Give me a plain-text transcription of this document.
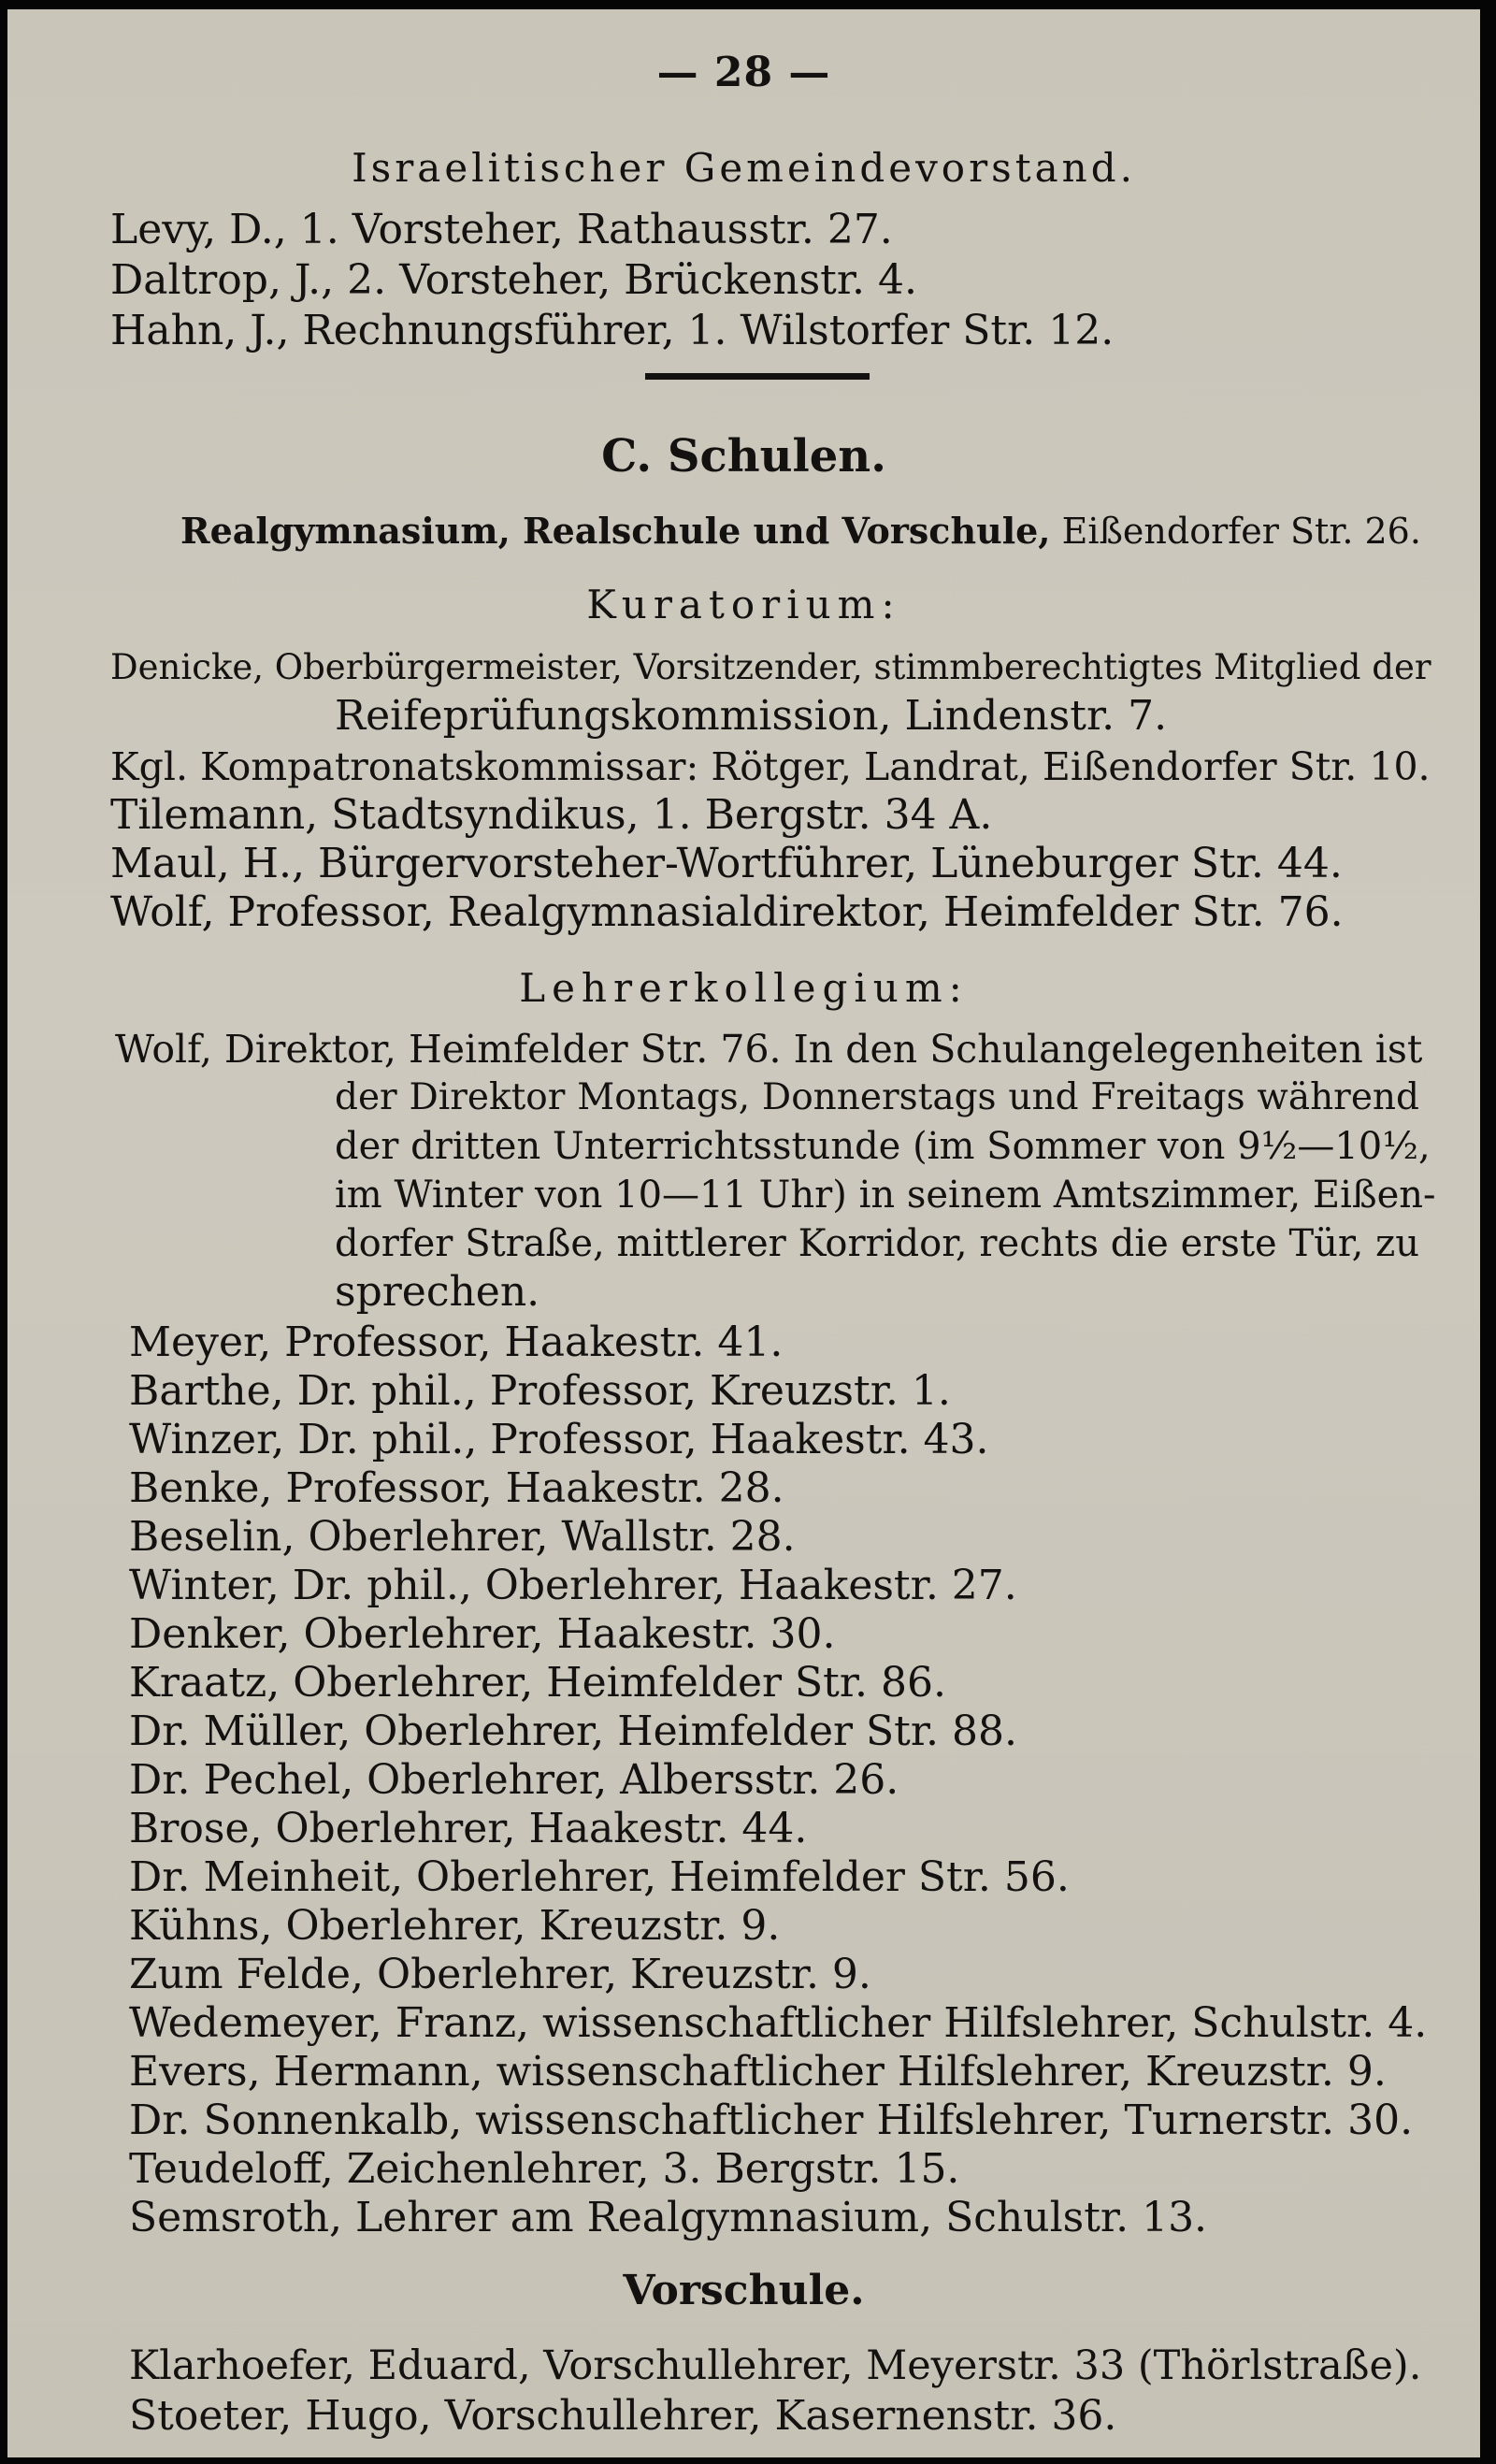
— 28 —
Israelitischer Gemeindevorstand.
Levy, D., 1. Vorsteher, Rathausstr. 27.
Daltrop, J., 2. Vorsteher, Brückenstr. 4.
Hahn, J., Rechnungsführer, 1. Wilstorfer Str. 12.
C. Schulen.
Realgymnasium, Realschule und Vorschule, Eißendorfer Str. 26.
Kuratorium:
Denicke, Oberbürgermeister, Vorsitzender, stimmberechtigtes Mitglied der
Reifeprüfungskommission, Lindenstr. 7.
Kgl. Kompatronatskommissar: Rötger, Landrat, Eißendorfer Str. 10.
Tilemann, Stadtsyndikus, 1. Bergstr. 34 A.
Maul, H., Bürgervorsteher-Wortführer, Lüneburger Str. 44.
Wolf, Professor, Realgymnasialdirektor, Heimfelder Str. 76.
Lehrerkollegium:
Wolf, Direktor, Heimfelder Str. 76. In den Schulangelegenheiten ist
der Direktor Montags, Donnerstags und Freitags während
der dritten Unterrichtsstunde (im Sommer von 9½—10½,
im Winter von 10—11 Uhr) in seinem Amtszimmer, Eißen-
dorfer Straße, mittlerer Korridor, rechts die erste Tür, zu
sprechen.
Meyer, Professor, Haakestr. 41.
Barthe, Dr. phil., Professor, Kreuzstr. 1.
Winzer, Dr. phil., Professor, Haakestr. 43.
Benke, Professor, Haakestr. 28.
Beselin, Oberlehrer, Wallstr. 28.
Winter, Dr. phil., Oberlehrer, Haakestr. 27.
Denker, Oberlehrer, Haakestr. 30.
Kraatz, Oberlehrer, Heimfelder Str. 86.
Dr. Müller, Oberlehrer, Heimfelder Str. 88.
Dr. Pechel, Oberlehrer, Albersstr. 26.
Brose, Oberlehrer, Haakestr. 44.
Dr. Meinheit, Oberlehrer, Heimfelder Str. 56.
Kühns, Oberlehrer, Kreuzstr. 9.
Zum Felde, Oberlehrer, Kreuzstr. 9.
Wedemeyer, Franz, wissenschaftlicher Hilfslehrer, Schulstr. 4.
Evers, Hermann, wissenschaftlicher Hilfslehrer, Kreuzstr. 9.
Dr. Sonnenkalb, wissenschaftlicher Hilfslehrer, Turnerstr. 30.
Teudeloff, Zeichenlehrer, 3. Bergstr. 15.
Semsroth, Lehrer am Realgymnasium, Schulstr. 13.
Vorschule.
Klarhoefer, Eduard, Vorschullehrer, Meyerstr. 33 (Thörlstraße).
Stoeter, Hugo, Vorschullehrer, Kasernenstr. 36.
